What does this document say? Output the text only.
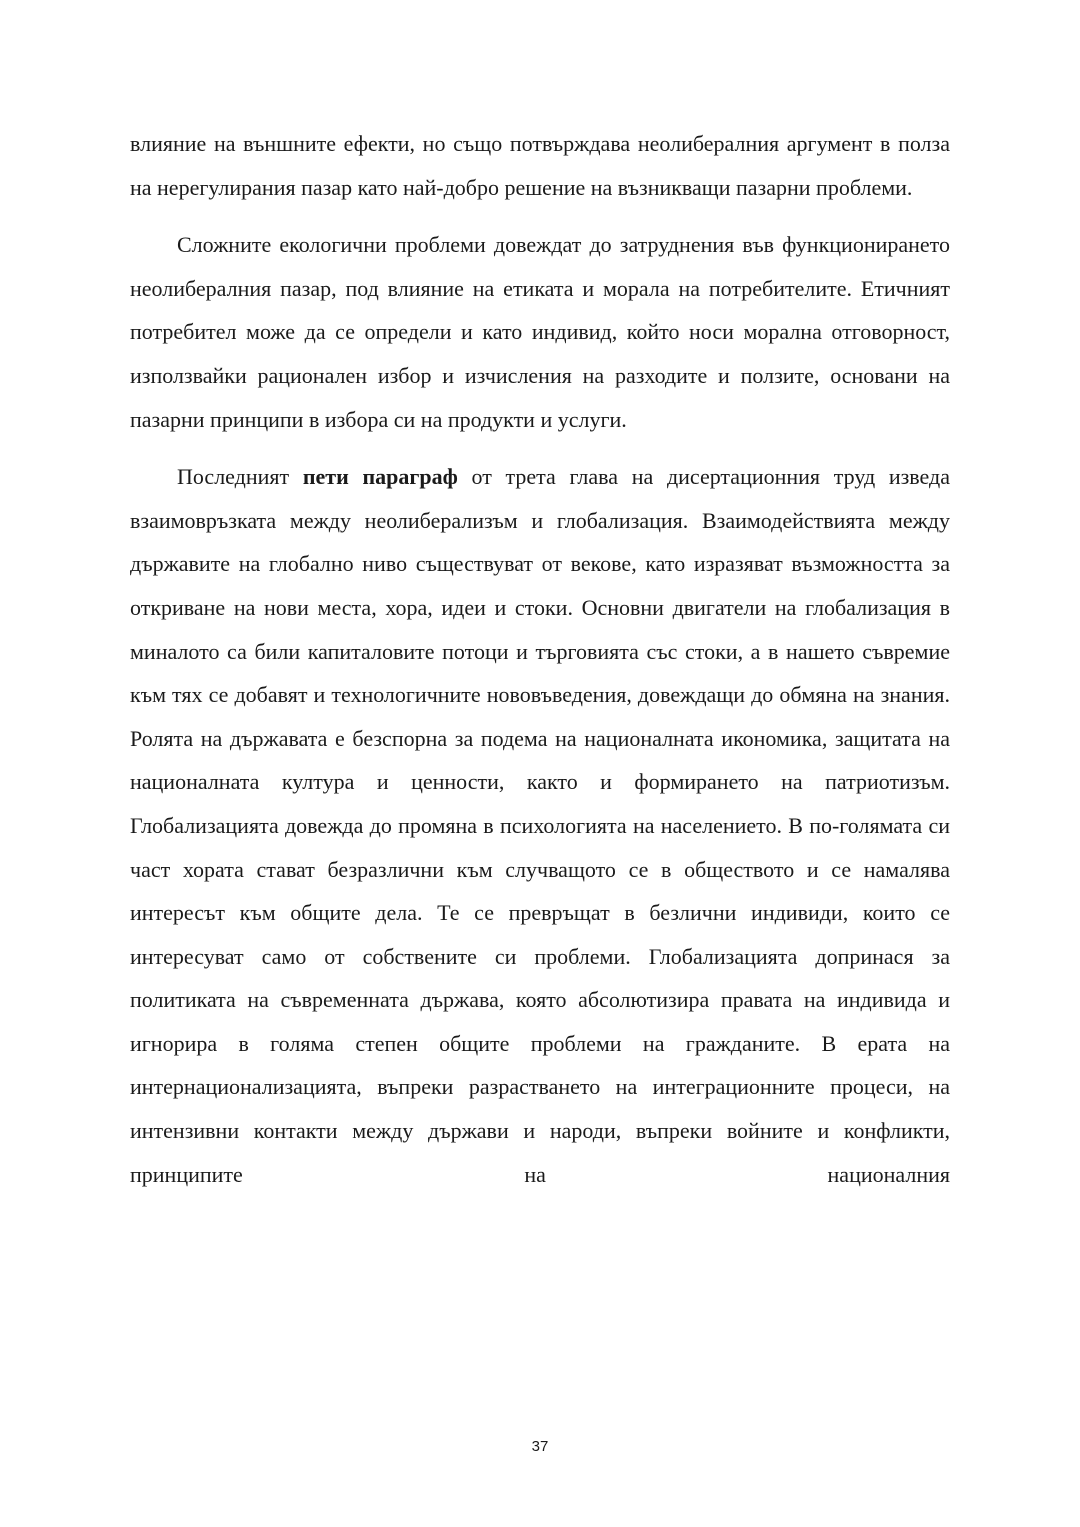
влияние на външните ефекти, но също потвърждава неолибералния аргумент в полза на нерегулирания пазар като най-добро решение на възникващи пазарни проблеми.

Сложните екологични проблеми довеждат до затруднения във функционирането неолибералния пазар, под влияние на етиката и морала на потребителите. Етичният потребител може да се определи и като индивид, който носи морална отговорност, използвайки рационален избор и изчисления на разходите и ползите, основани на пазарни принципи в избора си на продукти и услуги.

Последният пети параграф от трета глава на дисертационния труд изведа взаимовръзката между неолиберализъм и глобализация. Взаимодействията между държавите на глобално ниво съществуват от векове, като изразяват възможността за откриване на нови места, хора, идеи и стоки. Основни двигатели на глобализация в миналото са били капиталовите потоци и търговията със стоки, а в нашето съвремие към тях се добавят и технологичните нововъведения, довеждащи до обмяна на знания. Ролята на държавата е безспорна за подема на националната икономика, защитата на националната култура и ценности, както и формирането на патриотизъм. Глобализацията довежда до промяна в психологията на населението. В по-голямата си част хората стават безразлични към случващото се в обществото и се намалява интересът към общите дела. Те се превръщат в безлични индивиди, които се интересуват само от собствените си проблеми. Глобализацията допринася за политиката на съвременната държава, която абсолютизира правата на индивида и игнорира в голяма степен общите проблеми на гражданите. В ерата на интернационализацията, въпреки разрастването на интеграционните процеси, на интензивни контакти между държави и народи, въпреки войните и конфликти, принципите на националния

37
